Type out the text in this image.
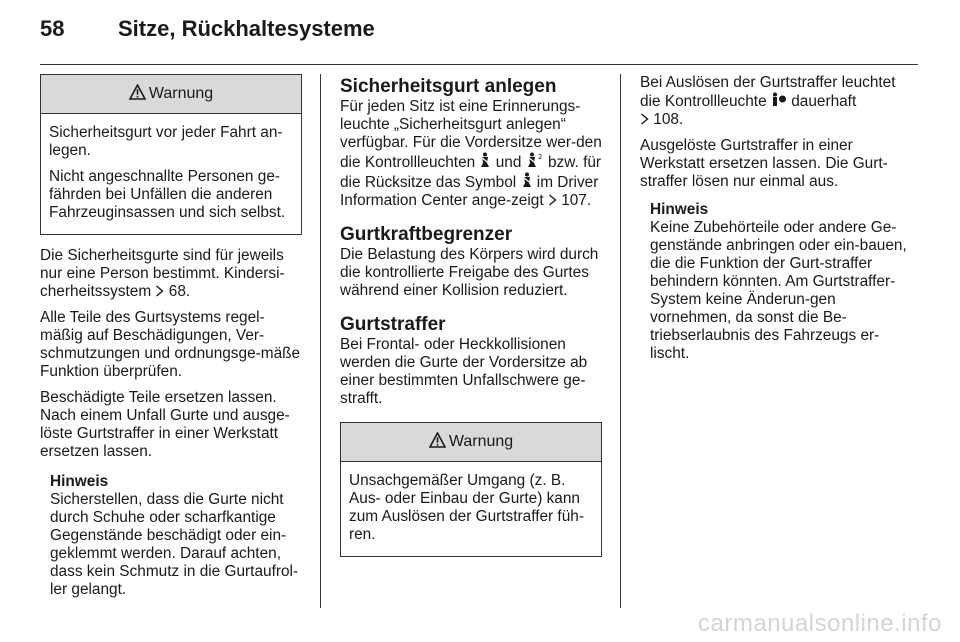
58 Sitze, Rückhaltesysteme
Warnung

Sicherheitsgurt vor jeder Fahrt an-legen.

Nicht angeschnallte Personen ge-fährden bei Unfällen die anderen Fahrzeuginsassen und sich selbst.

Die Sicherheitsgurte sind für jeweils nur eine Person bestimmt. Kindersi-cherheitssystem 68.

Alle Teile des Gurtsystems regel-mäßig auf Beschädigungen, Ver-schmutzungen und ordnungsge-mäße Funktion überprüfen.

Beschädigte Teile ersetzen lassen. Nach einem Unfall Gurte und ausge-löste Gurtstraffer in einer Werkstatt ersetzen lassen.

Hinweis
Sicherstellen, dass die Gurte nicht durch Schuhe oder scharfkantige Gegenstände beschädigt oder ein-geklemmt werden. Darauf achten, dass kein Schmutz in die Gurtaufrol-ler gelangt.
Sicherheitsgurt anlegen

Für jeden Sitz ist eine Erinnerungs-leuchte „Sicherheitsgurt anlegen“ verfügbar. Für die Vordersitze wer-den die Kontrollleuchten und 2 bzw. für die Rücksitze das Symbol im Driver Information Center ange-zeigt 107.

Gurtkraftbegrenzer

Die Belastung des Körpers wird durch die kontrollierte Freigabe des Gurtes während einer Kollision reduziert.

Gurtstraffer

Bei Frontal- oder Heckkollisionen werden die Gurte der Vordersitze ab einer bestimmten Unfallschwere ge-strafft.

Warnung

Unsachgemäßer Umgang (z. B. Aus- oder Einbau der Gurte) kann zum Auslösen der Gurtstraffer füh-ren.

Bei Auslösen der Gurtstraffer leuchtet die Kontrollleuchte dauerhaft
108.

Ausgelöste Gurtstraffer in einer Werkstatt ersetzen lassen. Die Gurt-straffer lösen nur einmal aus.

Hinweis
Keine Zubehörteile oder andere Ge-genstände anbringen oder ein-bauen, die die Funktion der Gurt-straffer behindern könnten. Am Gurtstraffer-System keine Änderun-gen vornehmen, da sonst die Be-triebserlaubnis des Fahrzeugs er-lischt.
carmanualsonline.info
